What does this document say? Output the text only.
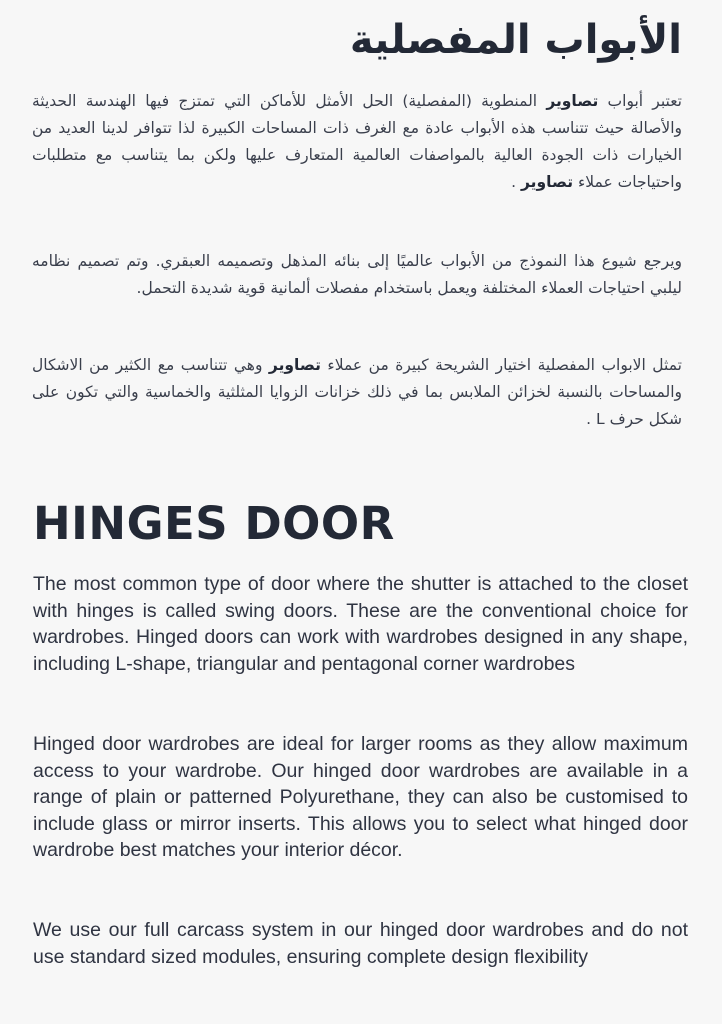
الأبواب المفصلية

تعتبر أبواب تصاوير المنطوية (المفصلية) الحل الأمثل للأماكن التي تمتزج فيها الهندسة الحديثة والأصالة حيث تتناسب هذه الأبواب عادة مع الغرف ذات المساحات الكبيرة لذا تتوافر لدينا العديد من الخيارات ذات الجودة العالية بالمواصفات العالمية المتعارف عليها ولكن بما يتناسب مع متطلبات واحتياجات عملاء تصاوير .

ويرجع شيوع هذا النموذج من الأبواب عالميًا إلى بنائه المذهل وتصميمه العبقري. وتم تصميم نظامه ليلبي احتياجات العملاء المختلفة ويعمل باستخدام مفصلات ألمانية قوية شديدة التحمل.

تمثل الابواب المفصلية اختيار الشريحة كبيرة من عملاء تصاوير وهي تتناسب مع الكثير من الاشكال والمساحات بالنسبة لخزائن الملابس بما في ذلك خزانات الزوايا المثلثية والخماسية والتي تكون على شكل حرف L .

HINGES DOOR

The most common type of door where the shutter is attached to the closet with hinges is called swing doors. These are the conventional choice for wardrobes. Hinged doors can work with wardrobes designed in any shape, including L-shape, triangular and pentagonal corner wardrobes

Hinged door wardrobes are ideal for larger rooms as they allow maximum access to your wardrobe. Our hinged door wardrobes are available in a range of plain or patterned Polyurethane, they can also be customised to include glass or mirror inserts. This allows you to select what hinged door wardrobe best matches your interior décor.

We use our full carcass system in our hinged door wardrobes and do not use standard sized modules, ensuring complete design flexibility
